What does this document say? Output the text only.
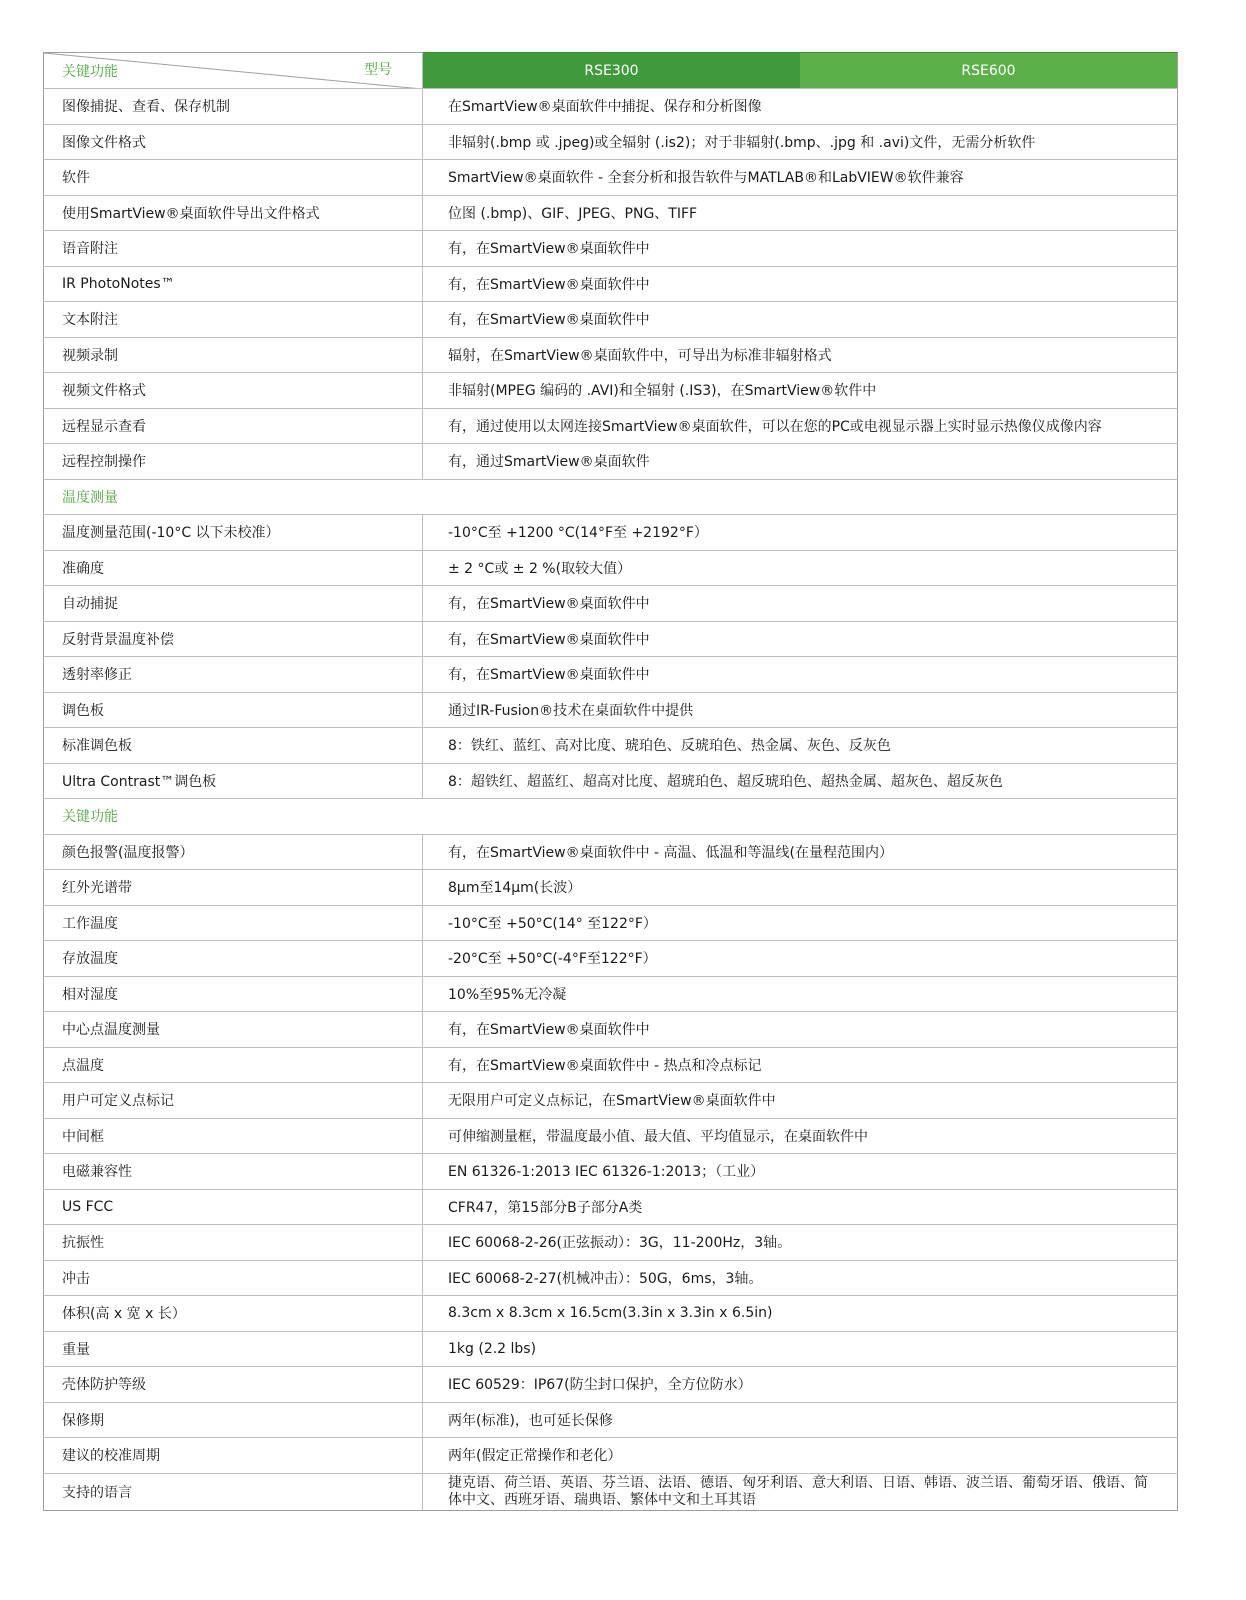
关键功能 型号	RSE300	RSE600
图像捕捉、查看、保存机制	在SmartView®桌面软件中捕捉、保存和分析图像	
图像文件格式	非辐射(.bmp 或 .jpeg)或全辐射 (.is2)；对于非辐射(.bmp、.jpg 和 .avi)文件，无需分析软件	
软件	SmartView®桌面软件 - 全套分析和报告软件与MATLAB®和LabVIEW®软件兼容	
使用SmartView®桌面软件导出文件格式	位图 (.bmp)、GIF、JPEG、PNG、TIFF	
语音附注	有，在SmartView®桌面软件中	
IR PhotoNotes™	有，在SmartView®桌面软件中	
文本附注	有，在SmartView®桌面软件中	
视频录制	辐射，在SmartView®桌面软件中，可导出为标准非辐射格式	
视频文件格式	非辐射(MPEG 编码的 .AVI)和全辐射 (.IS3)，在SmartView®软件中	
远程显示查看	有，通过使用以太网连接SmartView®桌面软件，可以在您的PC或电视显示器上实时显示热像仪成像内容	
远程控制操作	有，通过SmartView®桌面软件	
温度测量		
温度测量范围(-10°C 以下未校准）	-10°C至 +1200 °C(14°F至 +2192°F）	
准确度	± 2 °C或 ± 2 %(取较大值）	
自动捕捉	有，在SmartView®桌面软件中	
反射背景温度补偿	有，在SmartView®桌面软件中	
透射率修正	有，在SmartView®桌面软件中	
调色板	通过IR-Fusion®技术在桌面软件中提供	
标准调色板	8：铁红、蓝红、高对比度、琥珀色、反琥珀色、热金属、灰色、反灰色	
Ultra Contrast™调色板	8：超铁红、超蓝红、超高对比度、超琥珀色、超反琥珀色、超热金属、超灰色、超反灰色	
关键功能		
颜色报警(温度报警）	有，在SmartView®桌面软件中 - 高温、低温和等温线(在量程范围内）	
红外光谱带	8μm至14μm(长波）	
工作温度	-10°C至 +50°C(14° 至122°F）	
存放温度	-20°C至 +50°C(-4°F至122°F）	
相对湿度	10%至95%无冷凝	
中心点温度测量	有，在SmartView®桌面软件中	
点温度	有，在SmartView®桌面软件中 - 热点和冷点标记	
用户可定义点标记	无限用户可定义点标记，在SmartView®桌面软件中	
中间框	可伸缩测量框，带温度最小值、最大值、平均值显示，在桌面软件中	
电磁兼容性	EN 61326-1:2013 IEC 61326-1:2013；（工业）	
US FCC	CFR47，第15部分B子部分A类	
抗振性	IEC 60068-2-26(正弦振动）：3G，11-200Hz，3轴。	
冲击	IEC 60068-2-27(机械冲击）：50G，6ms，3轴。	
体积(高 x 宽 x 长）	8.3cm x 8.3cm x 16.5cm(3.3in x 3.3in x 6.5in)	
重量	1kg (2.2 lbs)	
壳体防护等级	IEC 60529：IP67(防尘封口保护，全方位防水）	
保修期	两年(标准)，也可延长保修	
建议的校准周期	两年(假定正常操作和老化）	
支持的语言	捷克语、荷兰语、英语、芬兰语、法语、德语、匈牙利语、意大利语、日语、韩语、波兰语、葡萄牙语、俄语、简体中文、西班牙语、瑞典语、繁体中文和土耳其语	
